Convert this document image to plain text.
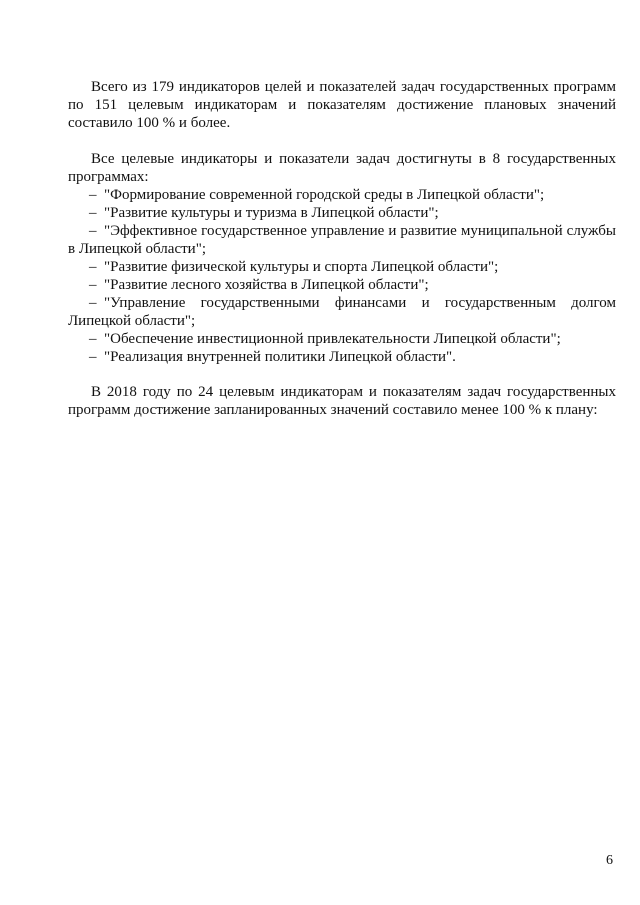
Всего из 179 индикаторов целей и показателей задач государственных программ по 151 целевым индикаторам и показателям достижение плановых значений составило 100 % и более.

Все целевые индикаторы и показатели задач достигнуты в 8 государственных программах:

– "Формирование современной городской среды в Липецкой области";
– "Развитие культуры и туризма в Липецкой области";
– "Эффективное государственное управление и развитие муниципальной службы в Липецкой области";
– "Развитие физической культуры и спорта Липецкой области";
– "Развитие лесного хозяйства в Липецкой области";
– "Управление государственными финансами и государственным долгом Липецкой области";
– "Обеспечение инвестиционной привлекательности Липецкой области";
– "Реализация внутренней политики Липецкой области".

В 2018 году по 24 целевым индикаторам и показателям задач государственных программ достижение запланированных значений составило менее 100 % к плану:

6
